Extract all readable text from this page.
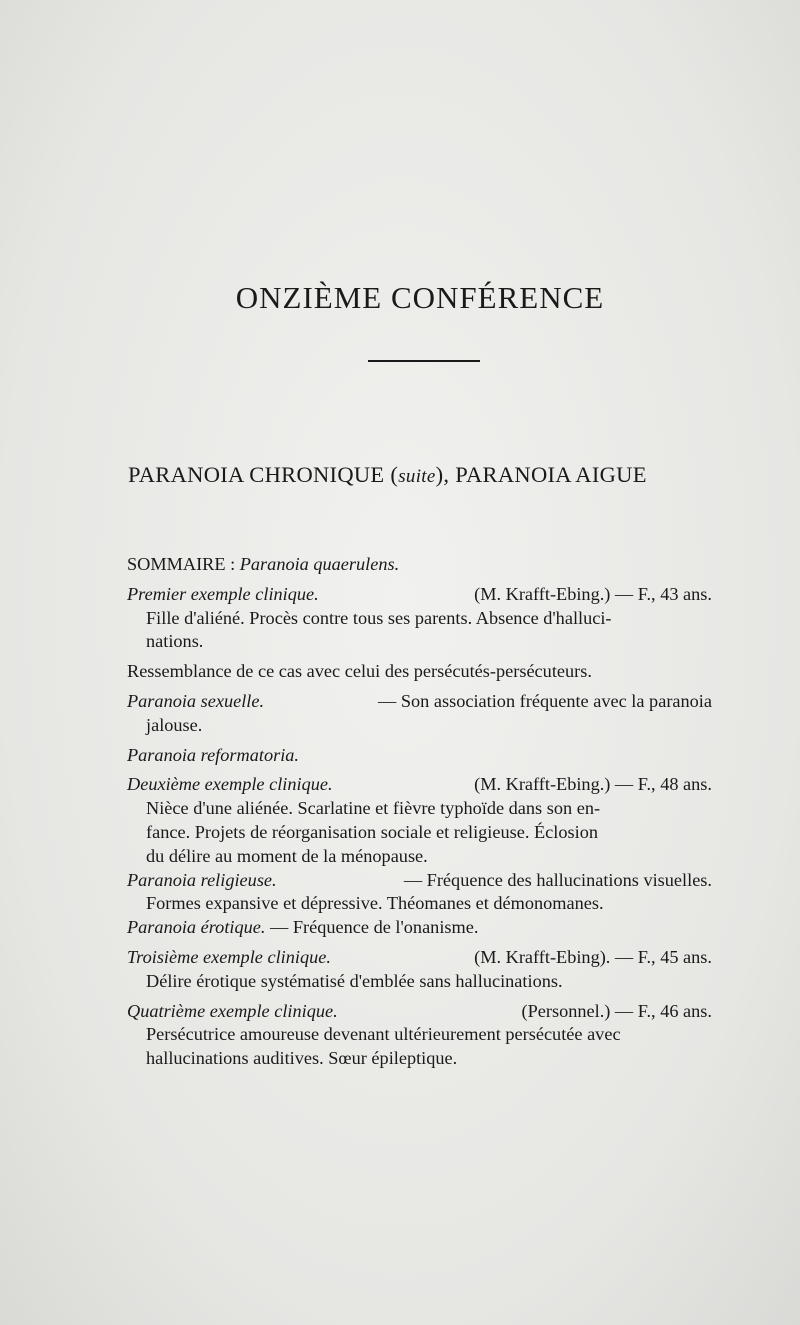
ONZIÈME CONFÉRENCE
PARANOIA CHRONIQUE (suite), PARANOIA AIGUE
SOMMAIRE : Paranoia quaerulens.
Premier exemple clinique.	(M. Krafft-Ebing.) — F., 43 ans.
Fille d'aliéné. Procès contre tous ses parents. Absence d'halluci-
nations.
Ressemblance de ce cas avec celui des persécutés-persécuteurs.
Paranoia sexuelle.	— Son association fréquente avec la paranoia
jalouse.
Paranoia reformatoria.
Deuxième exemple clinique.	(M. Krafft-Ebing.) — F., 48 ans.
Nièce d'une aliénée. Scarlatine et fièvre typhoïde dans son en-
fance. Projets de réorganisation sociale et religieuse. Éclosion
du délire au moment de la ménopause.
Paranoia religieuse.	— Fréquence des hallucinations visuelles.
Formes expansive et dépressive. Théomanes et démonomanes.
Paranoia érotique. — Fréquence de l'onanisme.
Troisième exemple clinique.	(M. Krafft-Ebing). — F., 45 ans.
Délire érotique systématisé d'emblée sans hallucinations.
Quatrième exemple clinique.	(Personnel.) — F., 46 ans.
Persécutrice amoureuse devenant ultérieurement persécutée avec
hallucinations auditives. Sœur épileptique.
